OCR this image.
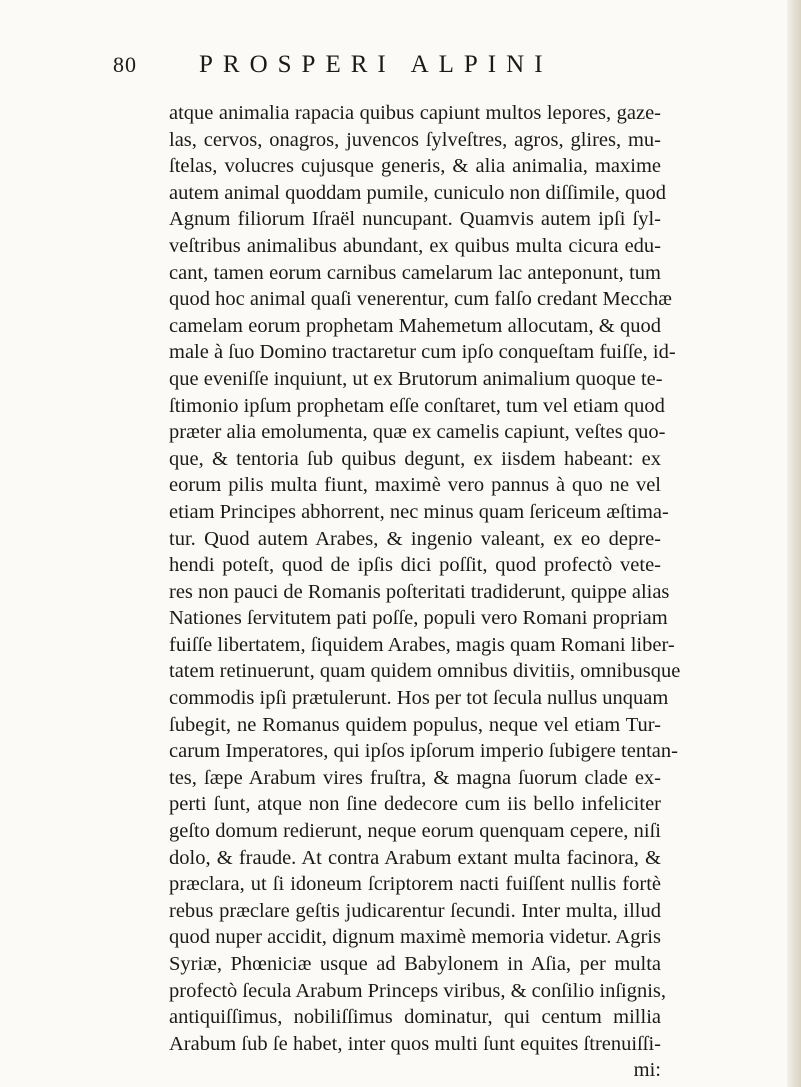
80 PROSPERI ALPINI
atque animalia rapacia quibus capiunt multos lepores, gaze-
las, cervos, onagros, juvencos ſylveſtres, agros, glires, mu-
ſtelas, volucres cujusque generis, & alia animalia, maxime
autem animal quoddam pumile, cuniculo non diſſimile, quod
Agnum filiorum Iſraël nuncupant. Quamvis autem ipſi ſyl-
veſtribus animalibus abundant, ex quibus multa cicura edu-
cant, tamen eorum carnibus camelarum lac anteponunt, tum
quod hoc animal quaſi venerentur, cum falſo credant Mecchæ
camelam eorum prophetam Mahemetum allocutam, & quod
male à ſuo Domino tractaretur cum ipſo conqueſtam fuiſſe, id-
que eveniſſe inquiunt, ut ex Brutorum animalium quoque te-
ſtimonio ipſum prophetam eſſe conſtaret, tum vel etiam quod
præter alia emolumenta, quæ ex camelis capiunt, veſtes quo-
que, & tentoria ſub quibus degunt, ex iisdem habeant: ex
eorum pilis multa fiunt, maximè vero pannus à quo ne vel
etiam Principes abhorrent, nec minus quam ſericeum æſtima-
tur. Quod autem Arabes, & ingenio valeant, ex eo depre-
hendi poteſt, quod de ipſis dici poſſit, quod profectò vete-
res non pauci de Romanis poſteritati tradiderunt, quippe alias
Nationes ſervitutem pati poſſe, populi vero Romani propriam
fuiſſe libertatem, ſiquidem Arabes, magis quam Romani liber-
tatem retinuerunt, quam quidem omnibus divitiis, omnibusque
commodis ipſi prætulerunt. Hos per tot ſecula nullus unquam
ſubegit, ne Romanus quidem populus, neque vel etiam Tur-
carum Imperatores, qui ipſos ipſorum imperio ſubigere tentan-
tes, ſæpe Arabum vires fruſtra, & magna ſuorum clade ex-
perti ſunt, atque non ſine dedecore cum iis bello infeliciter
geſto domum redierunt, neque eorum quenquam cepere, niſi
dolo, & fraude. At contra Arabum extant multa facinora, &
præclara, ut ſi idoneum ſcriptorem nacti fuiſſent nullis fortè
rebus præclare geſtis judicarentur ſecundi. Inter multa, illud
quod nuper accidit, dignum maximè memoria videtur. Agris
Syriæ, Phœniciæ usque ad Babylonem in Aſia, per multa
profectò ſecula Arabum Princeps viribus, & conſilio inſignis,
antiquiſſimus, nobiliſſimus dominatur, qui centum millia
Arabum ſub ſe habet, inter quos multi ſunt equites ſtrenuiſſi-
mi:
